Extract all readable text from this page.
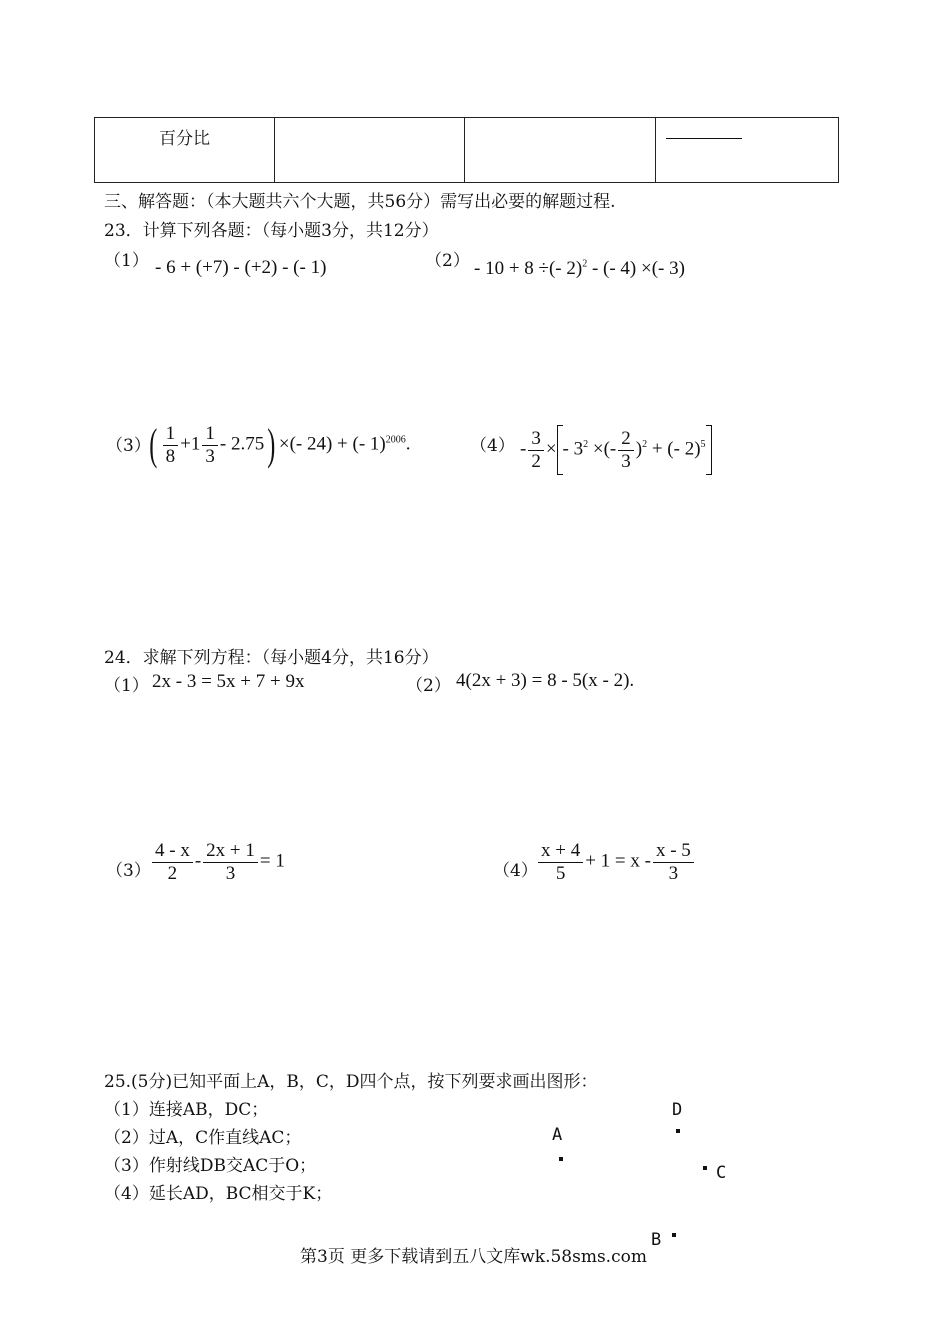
百分比

三、解答题：（本大题共六个大题，共56分）需写出必要的解题过程.
23．计算下列各题：（每小题3分，共12分）
（1） - 6 + (+7) - (+2) - (- 1)	（2） - 10 + 8 ÷(- 2)$^2$ - (- 4) ×(- 3)
（3）
( $\frac{1}{8} +1 \frac{1}{3} - 2.75$) ×(- 24) + (- 1)$^{2006}$.	$(4) - \frac{3}{2}$ × - $3^2$ ×(- $\frac{2}{3} )^2$ + (- 2)$^5$
24．求解下列方程：（每小题4分，共16分）
（1） 2x - 3 = 5x + 7 + 9x	（2） 4(2x + 3) = 8 - 5(x - 2).
$(3) \frac{4 - x}{2} - \frac{2x + 1}{3} = 1$	$(4) \frac{x + 4}{5} + 1 = x - \frac{x - 5}{3}$
25.(5分)已知平面上A，B，C，D四个点，按下列要求画出图形：
（1）连接AB，DC；
（2）过A，C作直线AC；
（3）作射线DB交AC于O；
（4）延长AD，BC相交于K；
A
D
C
B
第3页 更多下载请到五八文库wk.58sms.com
